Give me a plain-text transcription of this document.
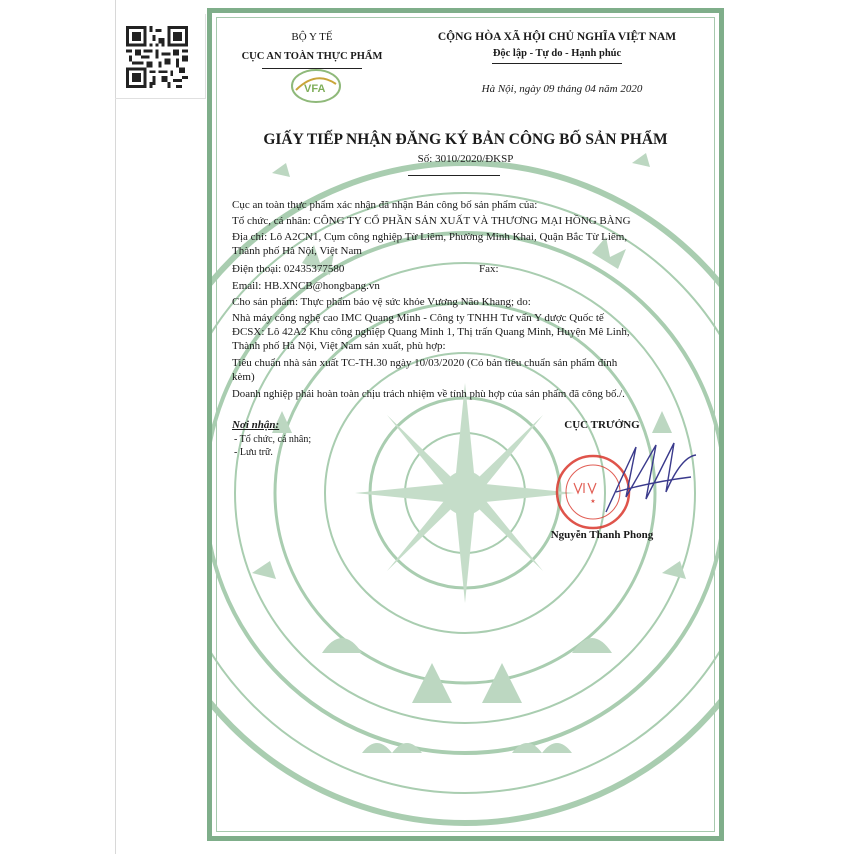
VFA
BỘ Y TẾ
CỤC AN TOÀN THỰC PHẨM
CỘNG HÒA XÃ HỘI CHỦ NGHĨA VIỆT NAM
Độc lập - Tự do - Hạnh phúc
Hà Nội, ngày 09 tháng 04 năm 2020
GIẤY TIẾP NHẬN ĐĂNG KÝ BẢN CÔNG BỐ SẢN PHẨM
Số: 3010/2020/ĐKSP
Cục an toàn thực phẩm xác nhận đã nhận Bản công bố sản phẩm của:
Tổ chức, cá nhân: CÔNG TY CỔ PHẦN SẢN XUẤT VÀ THƯƠNG MẠI HỒNG BÀNG
Địa chỉ: Lô A2CN1, Cụm công nghiệp Từ Liêm, Phường Minh Khai, Quận Bắc Từ Liêm,
Thành phố Hà Nội, Việt Nam
Điện thoại: 02435377580	Fax:
Email: HB.XNCB@hongbang.vn
Cho sản phẩm: Thực phẩm bảo vệ sức khỏe Vương Não Khang; do:
Nhà máy công nghệ cao IMC Quang Minh - Công ty TNHH Tư vấn Y dược Quốc tế
ĐCSX: Lô 42A2 Khu công nghiệp Quang Minh 1, Thị trấn Quang Minh, Huyện Mê Linh,
Thành phố Hà Nội, Việt Nam sản xuất, phù hợp:
Tiêu chuẩn nhà sản xuất TC-TH.30 ngày 10/03/2020 (Có bản tiêu chuẩn sản phẩm đính
kèm)
Doanh nghiệp phải hoàn toàn chịu trách nhiệm về tính phù hợp của sản phẩm đã công bố./.
Nơi nhận:
- Tổ chức, cá nhân;
- Lưu trữ.
CỤC TRƯỞNG
★
Nguyễn Thanh Phong
